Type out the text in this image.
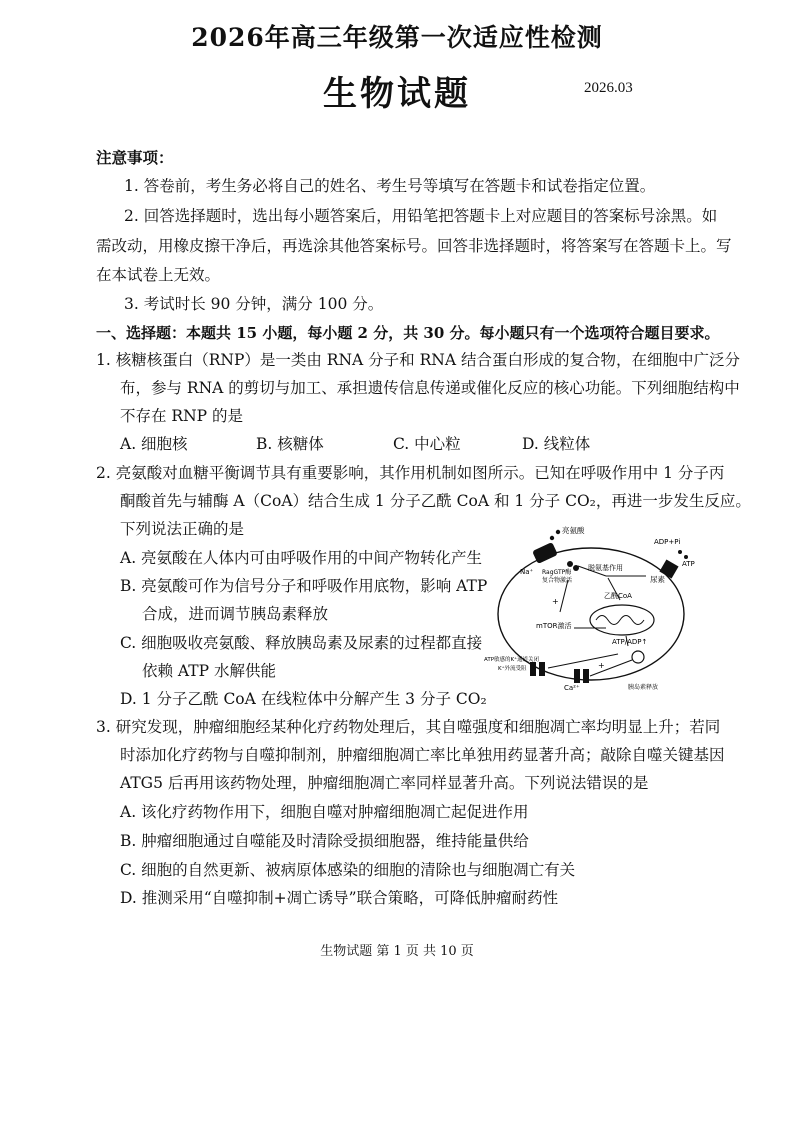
2026年高三年级第一次适应性检测
生物试题	2026.03
注意事项：
1. 答卷前，考生务必将自己的姓名、考生号等填写在答题卡和试卷指定位置。
2. 回答选择题时，选出每小题答案后，用铅笔把答题卡上对应题目的答案标号涂黑。如
需改动，用橡皮擦干净后，再选涂其他答案标号。回答非选择题时，将答案写在答题卡上。写
在本试卷上无效。
3. 考试时长 90 分钟，满分 100 分。
一、选择题：本题共 15 小题，每小题 2 分，共 30 分。每小题只有一个选项符合题目要求。
1. 核糖核蛋白（RNP）是一类由 RNA 分子和 RNA 结合蛋白形成的复合物，在细胞中广泛分
布，参与 RNA 的剪切与加工、承担遗传信息传递或催化反应的核心功能。下列细胞结构中
不存在 RNP 的是
A. 细胞核	B. 核糖体	C. 中心粒	D. 线粒体
2. 亮氨酸对血糖平衡调节具有重要影响，其作用机制如图所示。已知在呼吸作用中 1 分子丙
酮酸首先与辅酶 A（CoA）结合生成 1 分子乙酰 CoA 和 1 分子 CO₂，再进一步发生反应。
下列说法正确的是
A. 亮氨酸在人体内可由呼吸作用的中间产物转化产生
B. 亮氨酸可作为信号分子和呼吸作用底物，影响 ATP
合成，进而调节胰岛素释放
C. 细胞吸收亮氨酸、释放胰岛素及尿素的过程都直接
依赖 ATP 水解供能
D. 1 分子乙酰 CoA 在线粒体中分解产生 3 分子 CO₂
亮氨酸
ADP+Pi
ATP
Na⁺ RagGTP酶
复合物激活
脱氨基作用
尿素
乙酰CoA
mTOR激活
ATP/ADP↑
ATP敏感的K⁺通道关闭
K⁺外流受阻
Ca²⁺	胰岛素释放
+
+
3. 研究发现，肿瘤细胞经某种化疗药物处理后，其自噬强度和细胞凋亡率均明显上升；若同
时添加化疗药物与自噬抑制剂，肿瘤细胞凋亡率比单独用药显著升高；敲除自噬关键基因
ATG5 后再用该药物处理，肿瘤细胞凋亡率同样显著升高。下列说法错误的是
A. 该化疗药物作用下，细胞自噬对肿瘤细胞凋亡起促进作用
B. 肿瘤细胞通过自噬能及时清除受损细胞器，维持能量供给
C. 细胞的自然更新、被病原体感染的细胞的清除也与细胞凋亡有关
D. 推测采用“自噬抑制+凋亡诱导”联合策略，可降低肿瘤耐药性
生物试题 第 1 页 共 10 页
